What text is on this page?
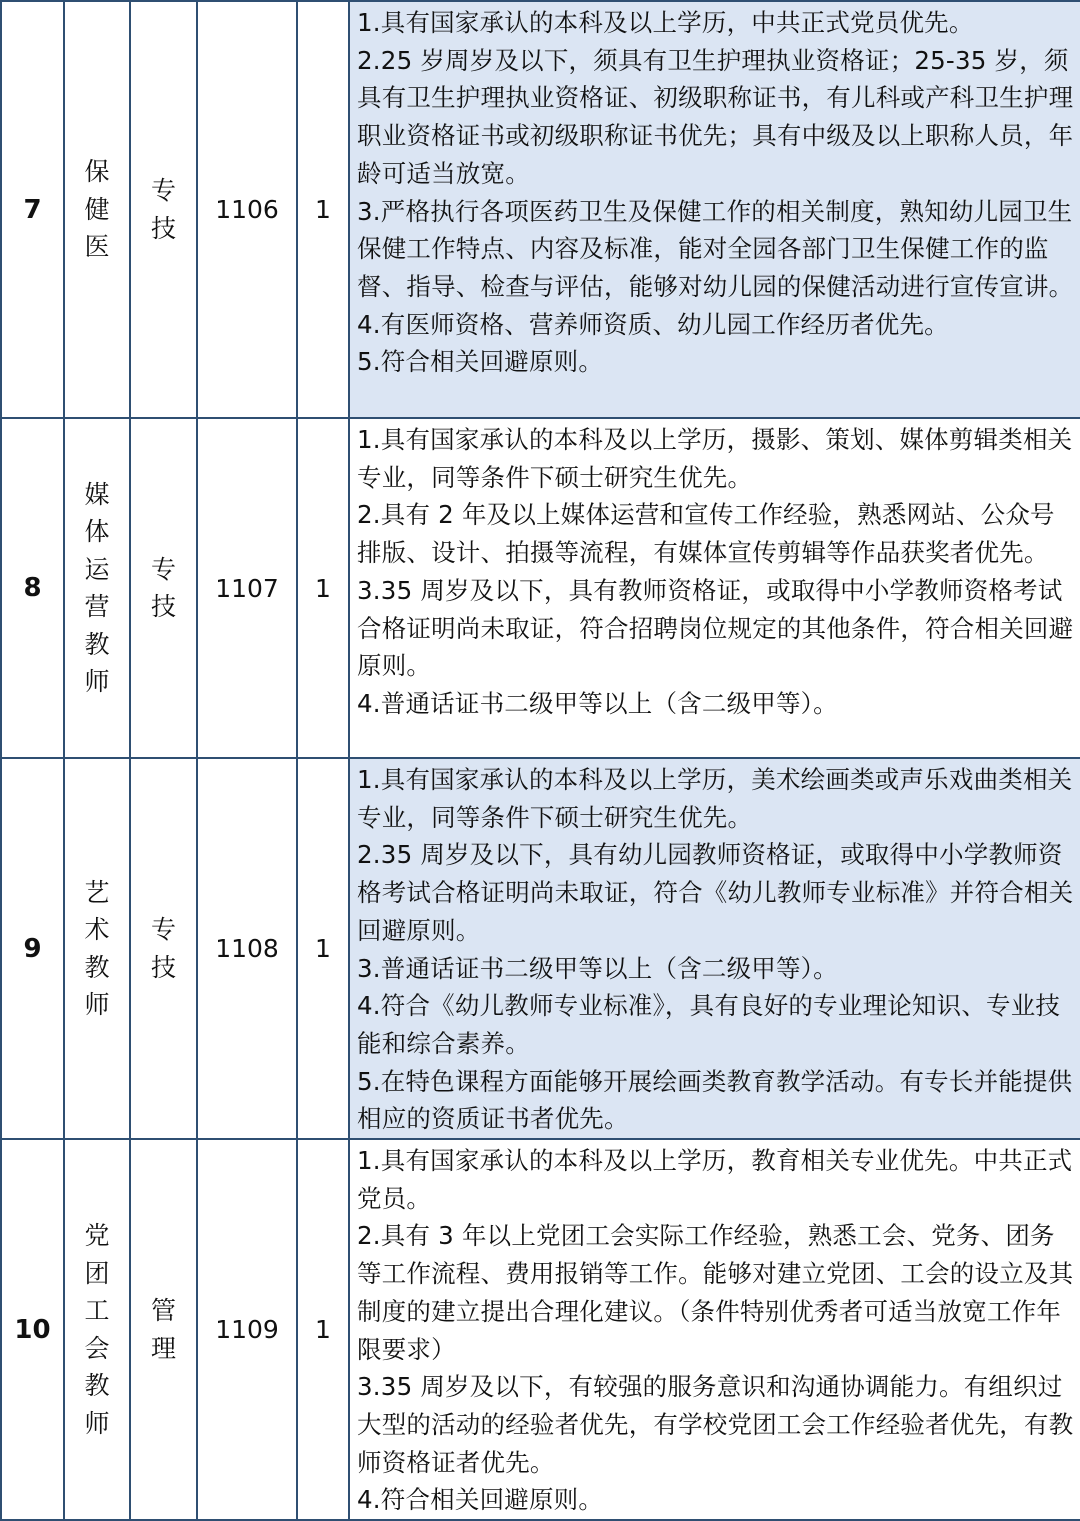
7	保健医	专技	1106	1	1.具有国家承认的本科及以上学历，中共正式党员优先。
2.25 岁周岁及以下，须具有卫生护理执业资格证；25-35 岁，须具有卫生护理执业资格证、初级职称证书，有儿科或产科卫生护理职业资格证书或初级职称证书优先；具有中级及以上职称人员，年龄可适当放宽。
3.严格执行各项医药卫生及保健工作的相关制度，熟知幼儿园卫生保健工作特点、内容及标准，能对全园各部门卫生保健工作的监督、指导、检查与评估，能够对幼儿园的保健活动进行宣传宣讲。
4.有医师资格、营养师资质、幼儿园工作经历者优先。
5.符合相关回避原则。

8	媒体运营教师	专技	1107	1	1.具有国家承认的本科及以上学历，摄影、策划、媒体剪辑类相关专业，同等条件下硕士研究生优先。
2.具有 2 年及以上媒体运营和宣传工作经验，熟悉网站、公众号排版、设计、拍摄等流程，有媒体宣传剪辑等作品获奖者优先。
3.35 周岁及以下，具有教师资格证，或取得中小学教师资格考试合格证明尚未取证，符合招聘岗位规定的其他条件，符合相关回避原则。
4.普通话证书二级甲等以上（含二级甲等）。

9	艺术教师	专技	1108	1	1.具有国家承认的本科及以上学历，美术绘画类或声乐戏曲类相关专业，同等条件下硕士研究生优先。
2.35 周岁及以下，具有幼儿园教师资格证，或取得中小学教师资格考试合格证明尚未取证，符合《幼儿教师专业标准》并符合相关回避原则。
3.普通话证书二级甲等以上（含二级甲等）。
4.符合《幼儿教师专业标准》，具有良好的专业理论知识、专业技能和综合素养。
5.在特色课程方面能够开展绘画类教育教学活动。有专长并能提供相应的资质证书者优先。

10	党团工会教师	管理	1109	1	1.具有国家承认的本科及以上学历，教育相关专业优先。中共正式党员。
2.具有 3 年以上党团工会实际工作经验，熟悉工会、党务、团务等工作流程、费用报销等工作。能够对建立党团、工会的设立及其制度的建立提出合理化建议。（条件特别优秀者可适当放宽工作年限要求）
3.35 周岁及以下，有较强的服务意识和沟通协调能力。有组织过大型的活动的经验者优先，有学校党团工会工作经验者优先，有教师资格证者优先。
4.符合相关回避原则。
